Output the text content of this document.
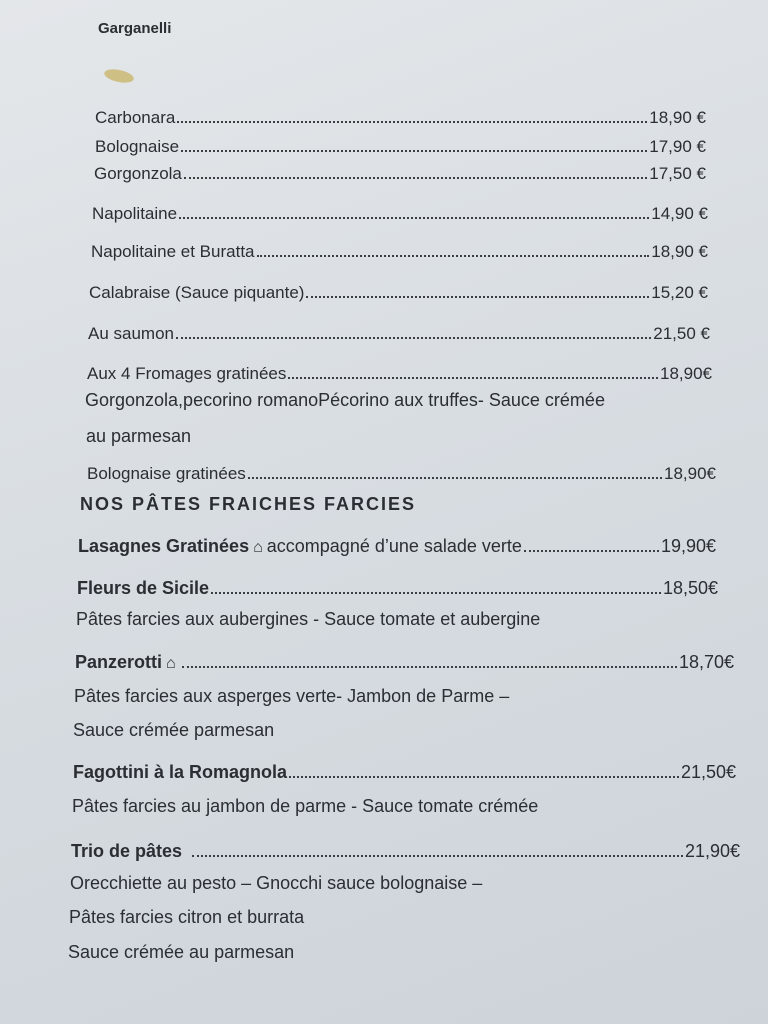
Garganelli
Carbonara	18,90 €
Bolognaise	17,90 €
Gorgonzola	17,50 €
Napolitaine	14,90 €
Napolitaine et Buratta	18,90 €
Calabraise (Sauce piquante)	15,20 €
Au saumon	21,50 €
Aux 4 Fromages gratinées	18,90€
Gorgonzola,pecorino romanoPécorino aux truffes- Sauce crémée
au parmesan
Bolognaise gratinées	18,90€
NOS PÂTES FRAICHES FARCIES
Lasagnes Gratinées ⌂ accompagné d’une salade verte	19,90€
Fleurs de Sicile	18,50€
Pâtes farcies aux aubergines - Sauce tomate et aubergine
Panzerotti ⌂	18,70€
Pâtes farcies aux asperges verte- Jambon de Parme –
Sauce crémée parmesan
Fagottini à la Romagnola	21,50€
Pâtes farcies au jambon de parme - Sauce tomate crémée
Trio de pâtes	21,90€
Orecchiette au pesto – Gnocchi sauce bolognaise –
Pâtes farcies citron et burrata
Sauce crémée au parmesan
